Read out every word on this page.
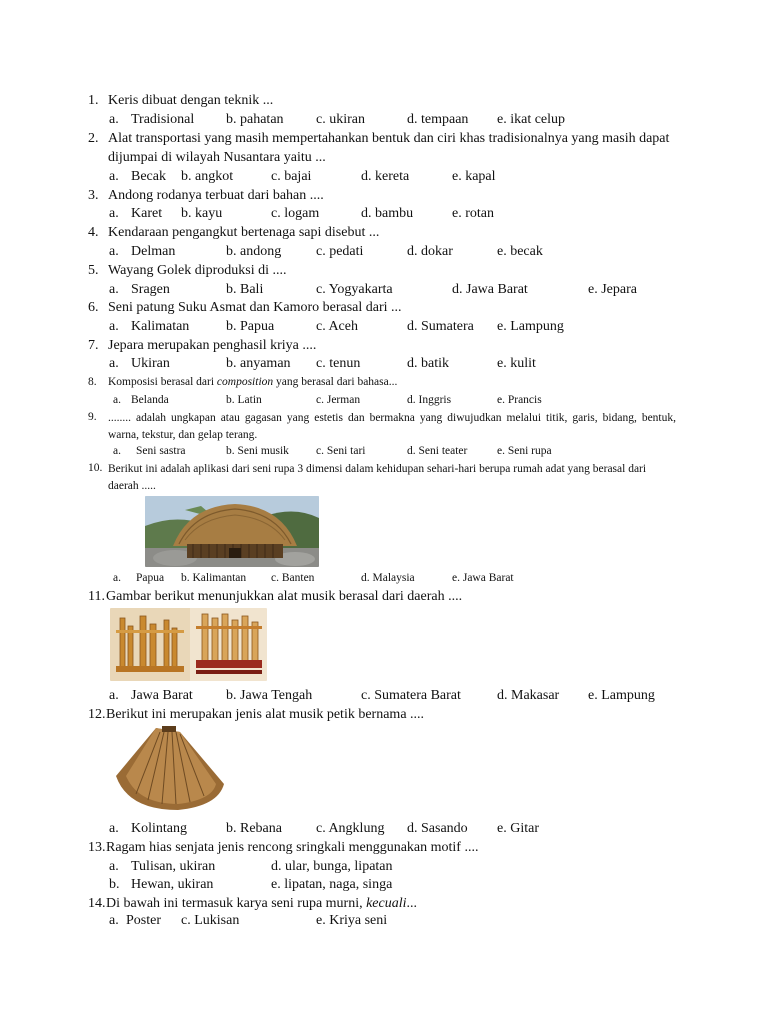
1. Keris dibuat dengan teknik ...
a. Tradisional b. pahatan c. ukiran	d. tempaan e. ikat celup
2. Alat transportasi yang masih mempertahankan bentuk dan ciri khas tradisionalnya yang masih dapat
dijumpai di wilayah Nusantara yaitu ...
a. Becak b. angkot	c. bajai	d. kereta	e. kapal
3. Andong rodanya terbuat dari bahan ....
a. Karet b. kayu	c. logam	d. bambu	e. rotan
4. Kendaraan pengangkut bertenaga sapi disebut ...
a. Delman	b. andong c. pedati	d. dokar	e. becak
5. Wayang Golek diproduksi di ....
a. Sragen	b. Bali	c. Yogyakarta	d. Jawa Barat	e. Jepara
6. Seni patung Suku Asmat dan Kamoro berasal dari ...
a. Kalimatan	b. Papua	c. Aceh	d. Sumatera e. Lampung
7. Jepara merupakan penghasil kriya ....
a. Ukiran	b. anyaman c. tenun	d. batik	e. kulit
8. Komposisi berasal dari composition yang berasal dari bahasa...
a. Belanda	b. Latin	c. Jerman	d. Inggris	e. Prancis
9. ........ adalah ungkapan atau gagasan yang estetis dan bermakna yang diwujudkan melalui titik, garis, bidang, bentuk, warna, tekstur, dan gelap terang.
a. Seni sastra	b. Seni musik c. Seni tari	d. Seni teater	e. Seni rupa
10. Berikut ini adalah aplikasi dari seni rupa 3 dimensi dalam kehidupan sehari-hari berupa rumah adat yang berasal dari daerah .....
a. Papua b. Kalimantan c. Banten	d. Malaysia	e. Jawa Barat
11. Gambar berikut menunjukkan alat musik berasal dari daerah ....
a. Jawa Barat b. Jawa Tengah	c. Sumatera Barat	d. Makasar e. Lampung
12. Berikut ini merupakan jenis alat musik petik bernama ....
a. Kolintang	b. Rebana c. Angklung d. Sasando e. Gitar
13. Ragam hias senjata jenis rencong sringkali menggunakan motif ....
a. Tulisan, ukiran	d. ular, bunga, lipatan
b. Hewan, ukiran	e. lipatan, naga, singa
14. Di bawah ini termasuk karya seni rupa murni, kecuali...
a. Poster c. Lukisan	e. Kriya seni
